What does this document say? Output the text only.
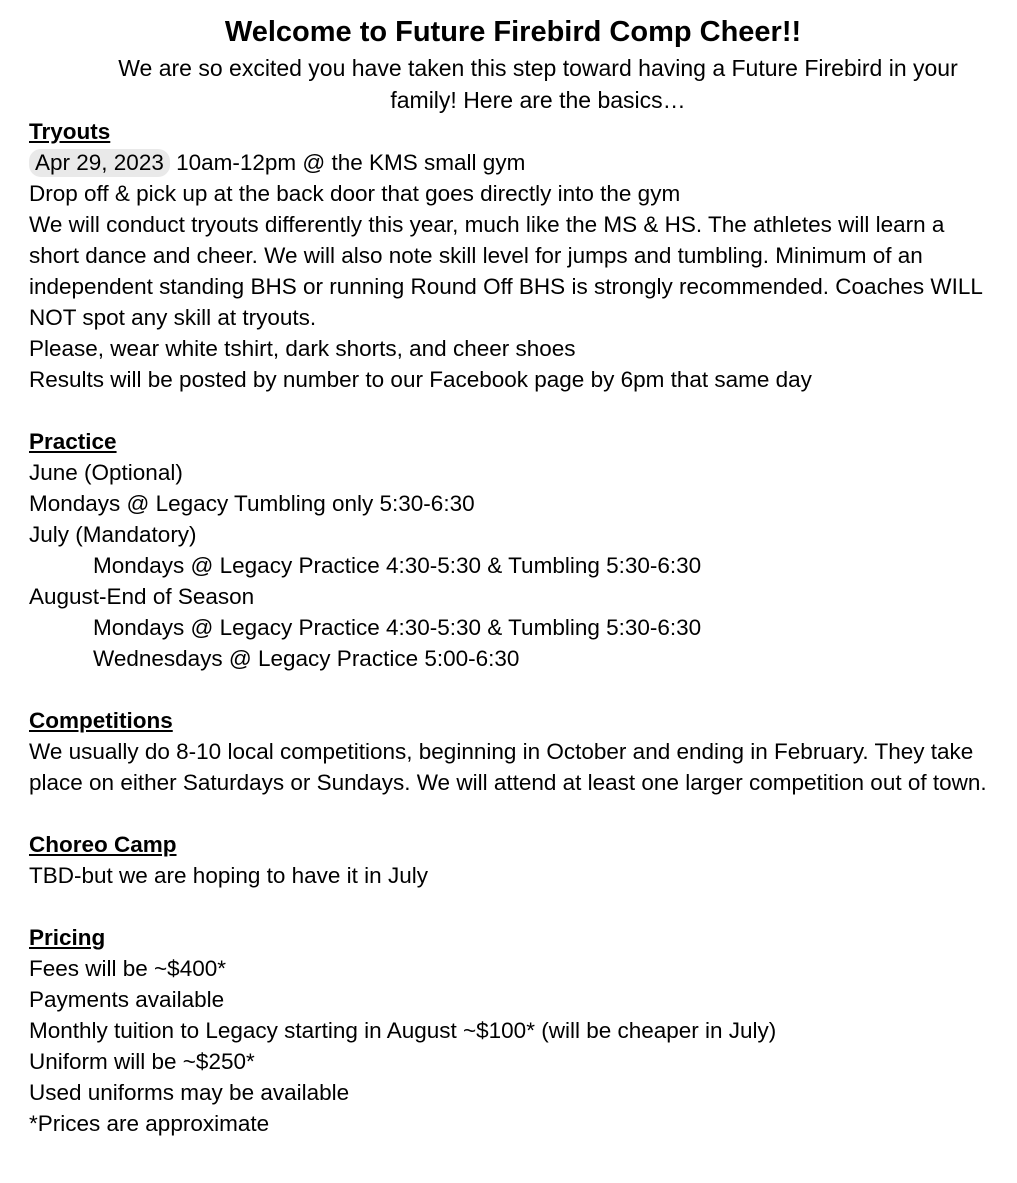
Welcome to Future Firebird Comp Cheer!!

We are so excited you have taken this step toward having a Future Firebird in your family! Here are the basics…

Tryouts
Apr 29, 2023 10am-12pm @ the KMS small gym
Drop off & pick up at the back door that goes directly into the gym
We will conduct tryouts differently this year, much like the MS & HS. The athletes will learn a short dance and cheer. We will also note skill level for jumps and tumbling. Minimum of an independent standing BHS or running Round Off BHS is strongly recommended. Coaches WILL NOT spot any skill at tryouts.
Please, wear white tshirt, dark shorts, and cheer shoes
Results will be posted by number to our Facebook page by 6pm that same day
Practice
June (Optional)
Mondays @ Legacy Tumbling only 5:30-6:30
July (Mandatory)
Mondays @ Legacy Practice 4:30-5:30 & Tumbling 5:30-6:30
August-End of Season
Mondays @ Legacy Practice 4:30-5:30 & Tumbling 5:30-6:30
Wednesdays @ Legacy Practice 5:00-6:30
Competitions
We usually do 8-10 local competitions, beginning in October and ending in February. They take place on either Saturdays or Sundays. We will attend at least one larger competition out of town.
Choreo Camp
TBD-but we are hoping to have it in July
Pricing
Fees will be ~$400*
Payments available
Monthly tuition to Legacy starting in August ~$100* (will be cheaper in July)
Uniform will be ~$250*
Used uniforms may be available
*Prices are approximate
